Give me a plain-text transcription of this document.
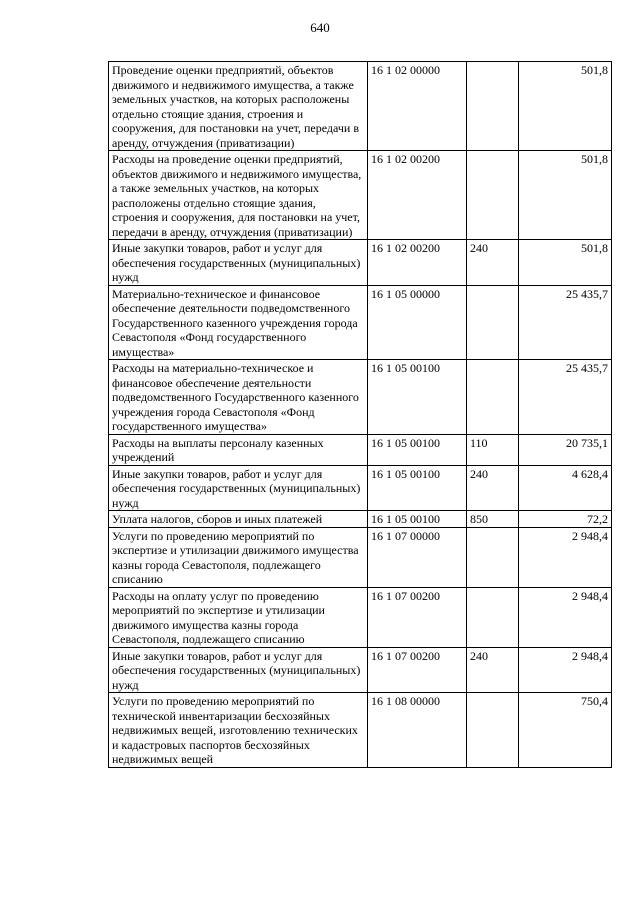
640
Проведение оценки предприятий, объектов движимого и недвижимого имущества, а также земельных участков, на которых расположены отдельно стоящие здания, строения и сооружения, для постановки на учет, передачи в аренду, отчуждения (приватизации)	16 1 02 00000		501,8
Расходы на проведение оценки предприятий, объектов движимого и недвижимого имущества, а также земельных участков, на которых расположены отдельно стоящие здания, строения и сооружения, для постановки на учет, передачи в аренду, отчуждения (приватизации)	16 1 02 00200		501,8
Иные закупки товаров, работ и услуг для обеспечения государственных (муниципальных) нужд	16 1 02 00200	240	501,8
Материально-техническое и финансовое обеспечение деятельности подведомственного Государственного казенного учреждения города Севастополя «Фонд государственного имущества»	16 1 05 00000		25 435,7
Расходы на материально-техническое и финансовое обеспечение деятельности подведомственного Государственного казенного учреждения города Севастополя «Фонд государственного имущества»	16 1 05 00100		25 435,7
Расходы на выплаты персоналу казенных учреждений	16 1 05 00100	110	20 735,1
Иные закупки товаров, работ и услуг для обеспечения государственных (муниципальных) нужд	16 1 05 00100	240	4 628,4
Уплата налогов, сборов и иных платежей	16 1 05 00100	850	72,2
Услуги по проведению мероприятий по экспертизе и утилизации движимого имущества казны города Севастополя, подлежащего списанию	16 1 07 00000		2 948,4
Расходы на оплату услуг по проведению мероприятий по экспертизе и утилизации движимого имущества казны города Севастополя, подлежащего списанию	16 1 07 00200		2 948,4
Иные закупки товаров, работ и услуг для обеспечения государственных (муниципальных) нужд	16 1 07 00200	240	2 948,4
Услуги по проведению мероприятий по технической инвентаризации бесхозяйных недвижимых вещей, изготовлению технических и кадастровых паспортов бесхозяйных недвижимых вещей	16 1 08 00000		750,4
